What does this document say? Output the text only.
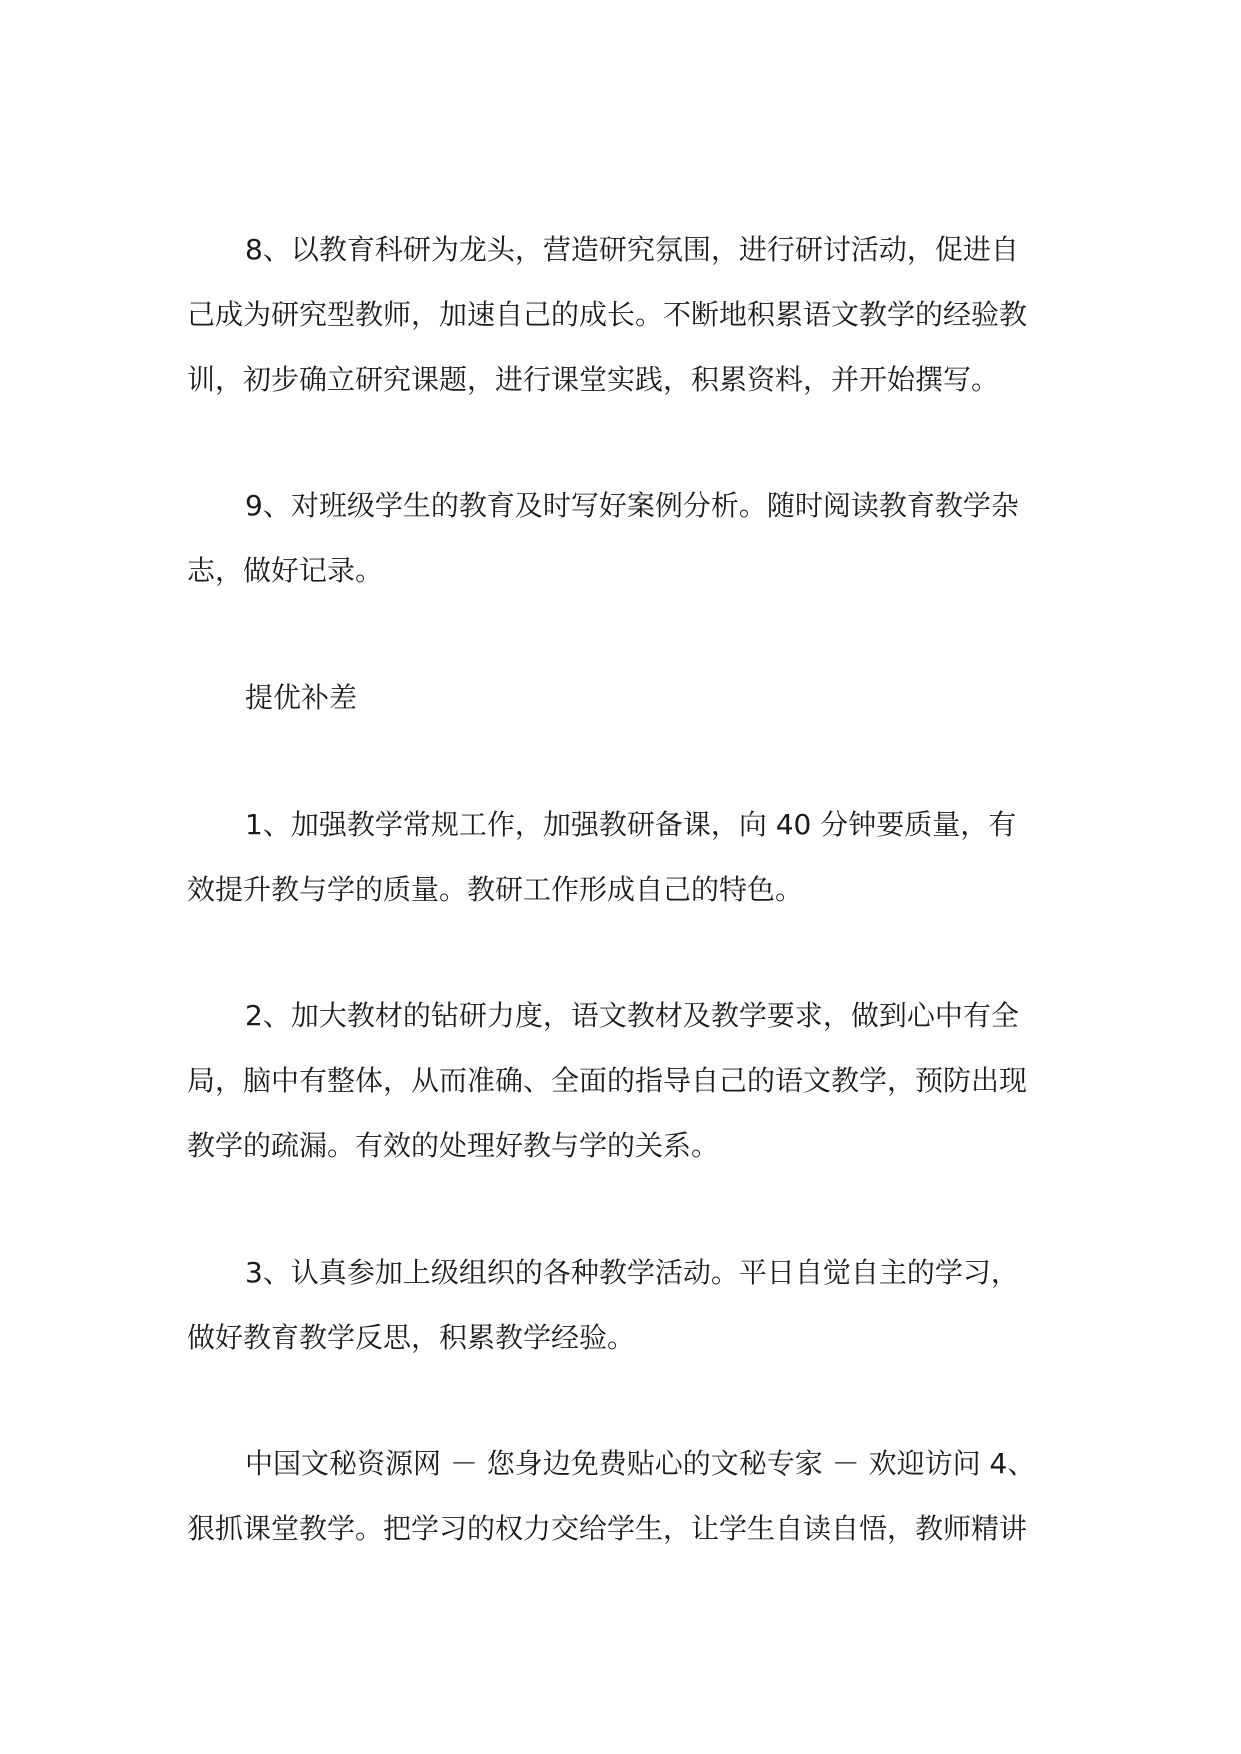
8、以教育科研为龙头，营造研究氛围，进行研讨活动，促进自
己成为研究型教师，加速自己的成长。不断地积累语文教学的经验教
训，初步确立研究课题，进行课堂实践，积累资料，并开始撰写。
9、对班级学生的教育及时写好案例分析。随时阅读教育教学杂
志，做好记录。
提优补差
1、加强教学常规工作，加强教研备课，向 40 分钟要质量，有
效提升教与学的质量。教研工作形成自己的特色。
2、加大教材的钻研力度，语文教材及教学要求，做到心中有全
局，脑中有整体，从而准确、全面的指导自己的语文教学，预防出现
教学的疏漏。有效的处理好教与学的关系。
3、认真参加上级组织的各种教学活动。平日自觉自主的学习，
做好教育教学反思，积累教学经验。
中国文秘资源网 － 您身边免费贴心的文秘专家 － 欢迎访问 4、
狠抓课堂教学。把学习的权力交给学生，让学生自读自悟，教师精讲
